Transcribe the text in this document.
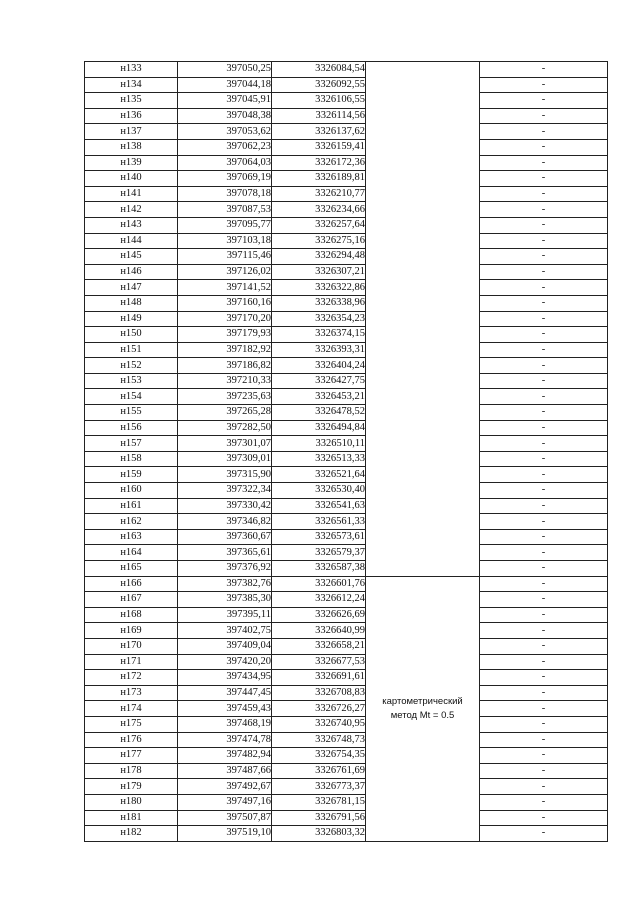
н133	397050,25	3326084,54		-
н134	397044,18	3326092,55		-
н135	397045,91	3326106,55		-
н136	397048,38	3326114,56		-
н137	397053,62	3326137,62		-
н138	397062,23	3326159,41		-
н139	397064,03	3326172,36		-
н140	397069,19	3326189,81		-
н141	397078,18	3326210,77		-
н142	397087,53	3326234,66		-
н143	397095,77	3326257,64		-
н144	397103,18	3326275,16		-
н145	397115,46	3326294,48		-
н146	397126,02	3326307,21		-
н147	397141,52	3326322,86		-
н148	397160,16	3326338,96		-
н149	397170,20	3326354,23		-
н150	397179,93	3326374,15		-
н151	397182,92	3326393,31		-
н152	397186,82	3326404,24		-
н153	397210,33	3326427,75		-
н154	397235,63	3326453,21		-
н155	397265,28	3326478,52		-
н156	397282,50	3326494,84		-
н157	397301,07	3326510,11		-
н158	397309,01	3326513,33		-
н159	397315,90	3326521,64		-
н160	397322,34	3326530,40		-
н161	397330,42	3326541,63		-
н162	397346,82	3326561,33		-
н163	397360,67	3326573,61		-
н164	397365,61	3326579,37		-
н165	397376,92	3326587,38		-
н166	397382,76	3326601,76	картометрический
метод Mt = 0.5	-
н167	397385,30	3326612,24		-
н168	397395,11	3326626,69		-
н169	397402,75	3326640,99		-
н170	397409,04	3326658,21		-
н171	397420,20	3326677,53		-
н172	397434,95	3326691,61		-
н173	397447,45	3326708,83		-
н174	397459,43	3326726,27		-
н175	397468,19	3326740,95		-
н176	397474,78	3326748,73		-
н177	397482,94	3326754,35		-
н178	397487,66	3326761,69		-
н179	397492,67	3326773,37		-
н180	397497,16	3326781,15		-
н181	397507,87	3326791,56		-
н182	397519,10	3326803,32		-
